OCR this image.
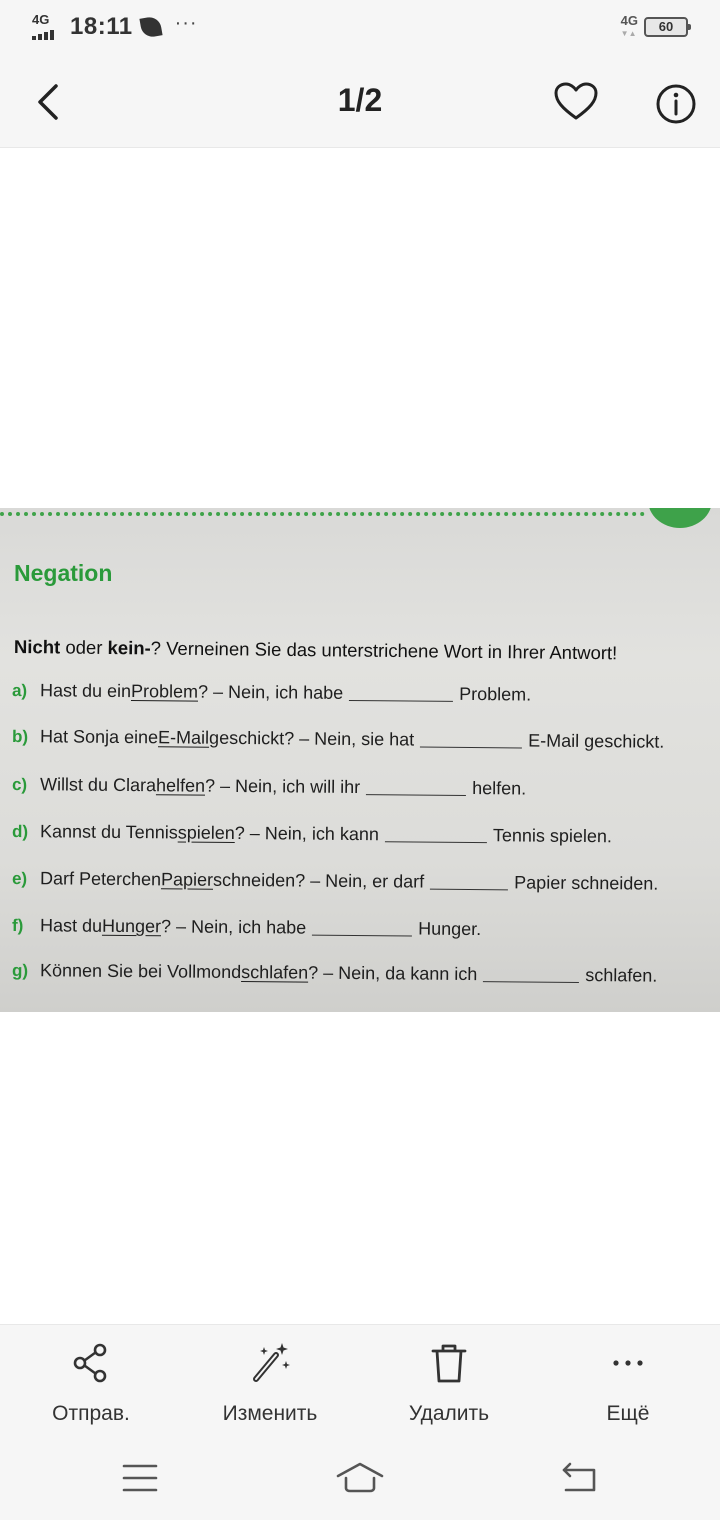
4G 18:11 ···	4G
▼▲	60
1/2
Negation
Nicht oder kein-? Verneinen Sie das unterstrichene Wort in Ihrer Antwort!
a) Hast du ein Problem ? – Nein, ich habe	Problem.
b) Hat Sonja eine E-Mail geschickt? – Nein, sie hat	E-Mail geschickt.
c) Willst du Clara helfen ? – Nein, ich will ihr	helfen.
d) Kannst du Tennis spielen ? – Nein, ich kann	Tennis spielen.
e) Darf Peterchen Papier schneiden? – Nein, er darf	Papier schneiden.
f) Hast du Hunger ? – Nein, ich habe	Hunger.
g) Können Sie bei Vollmond schlafen ? – Nein, da kann ich	schlafen.
Отправ.	Изменить	Удалить	Ещё
